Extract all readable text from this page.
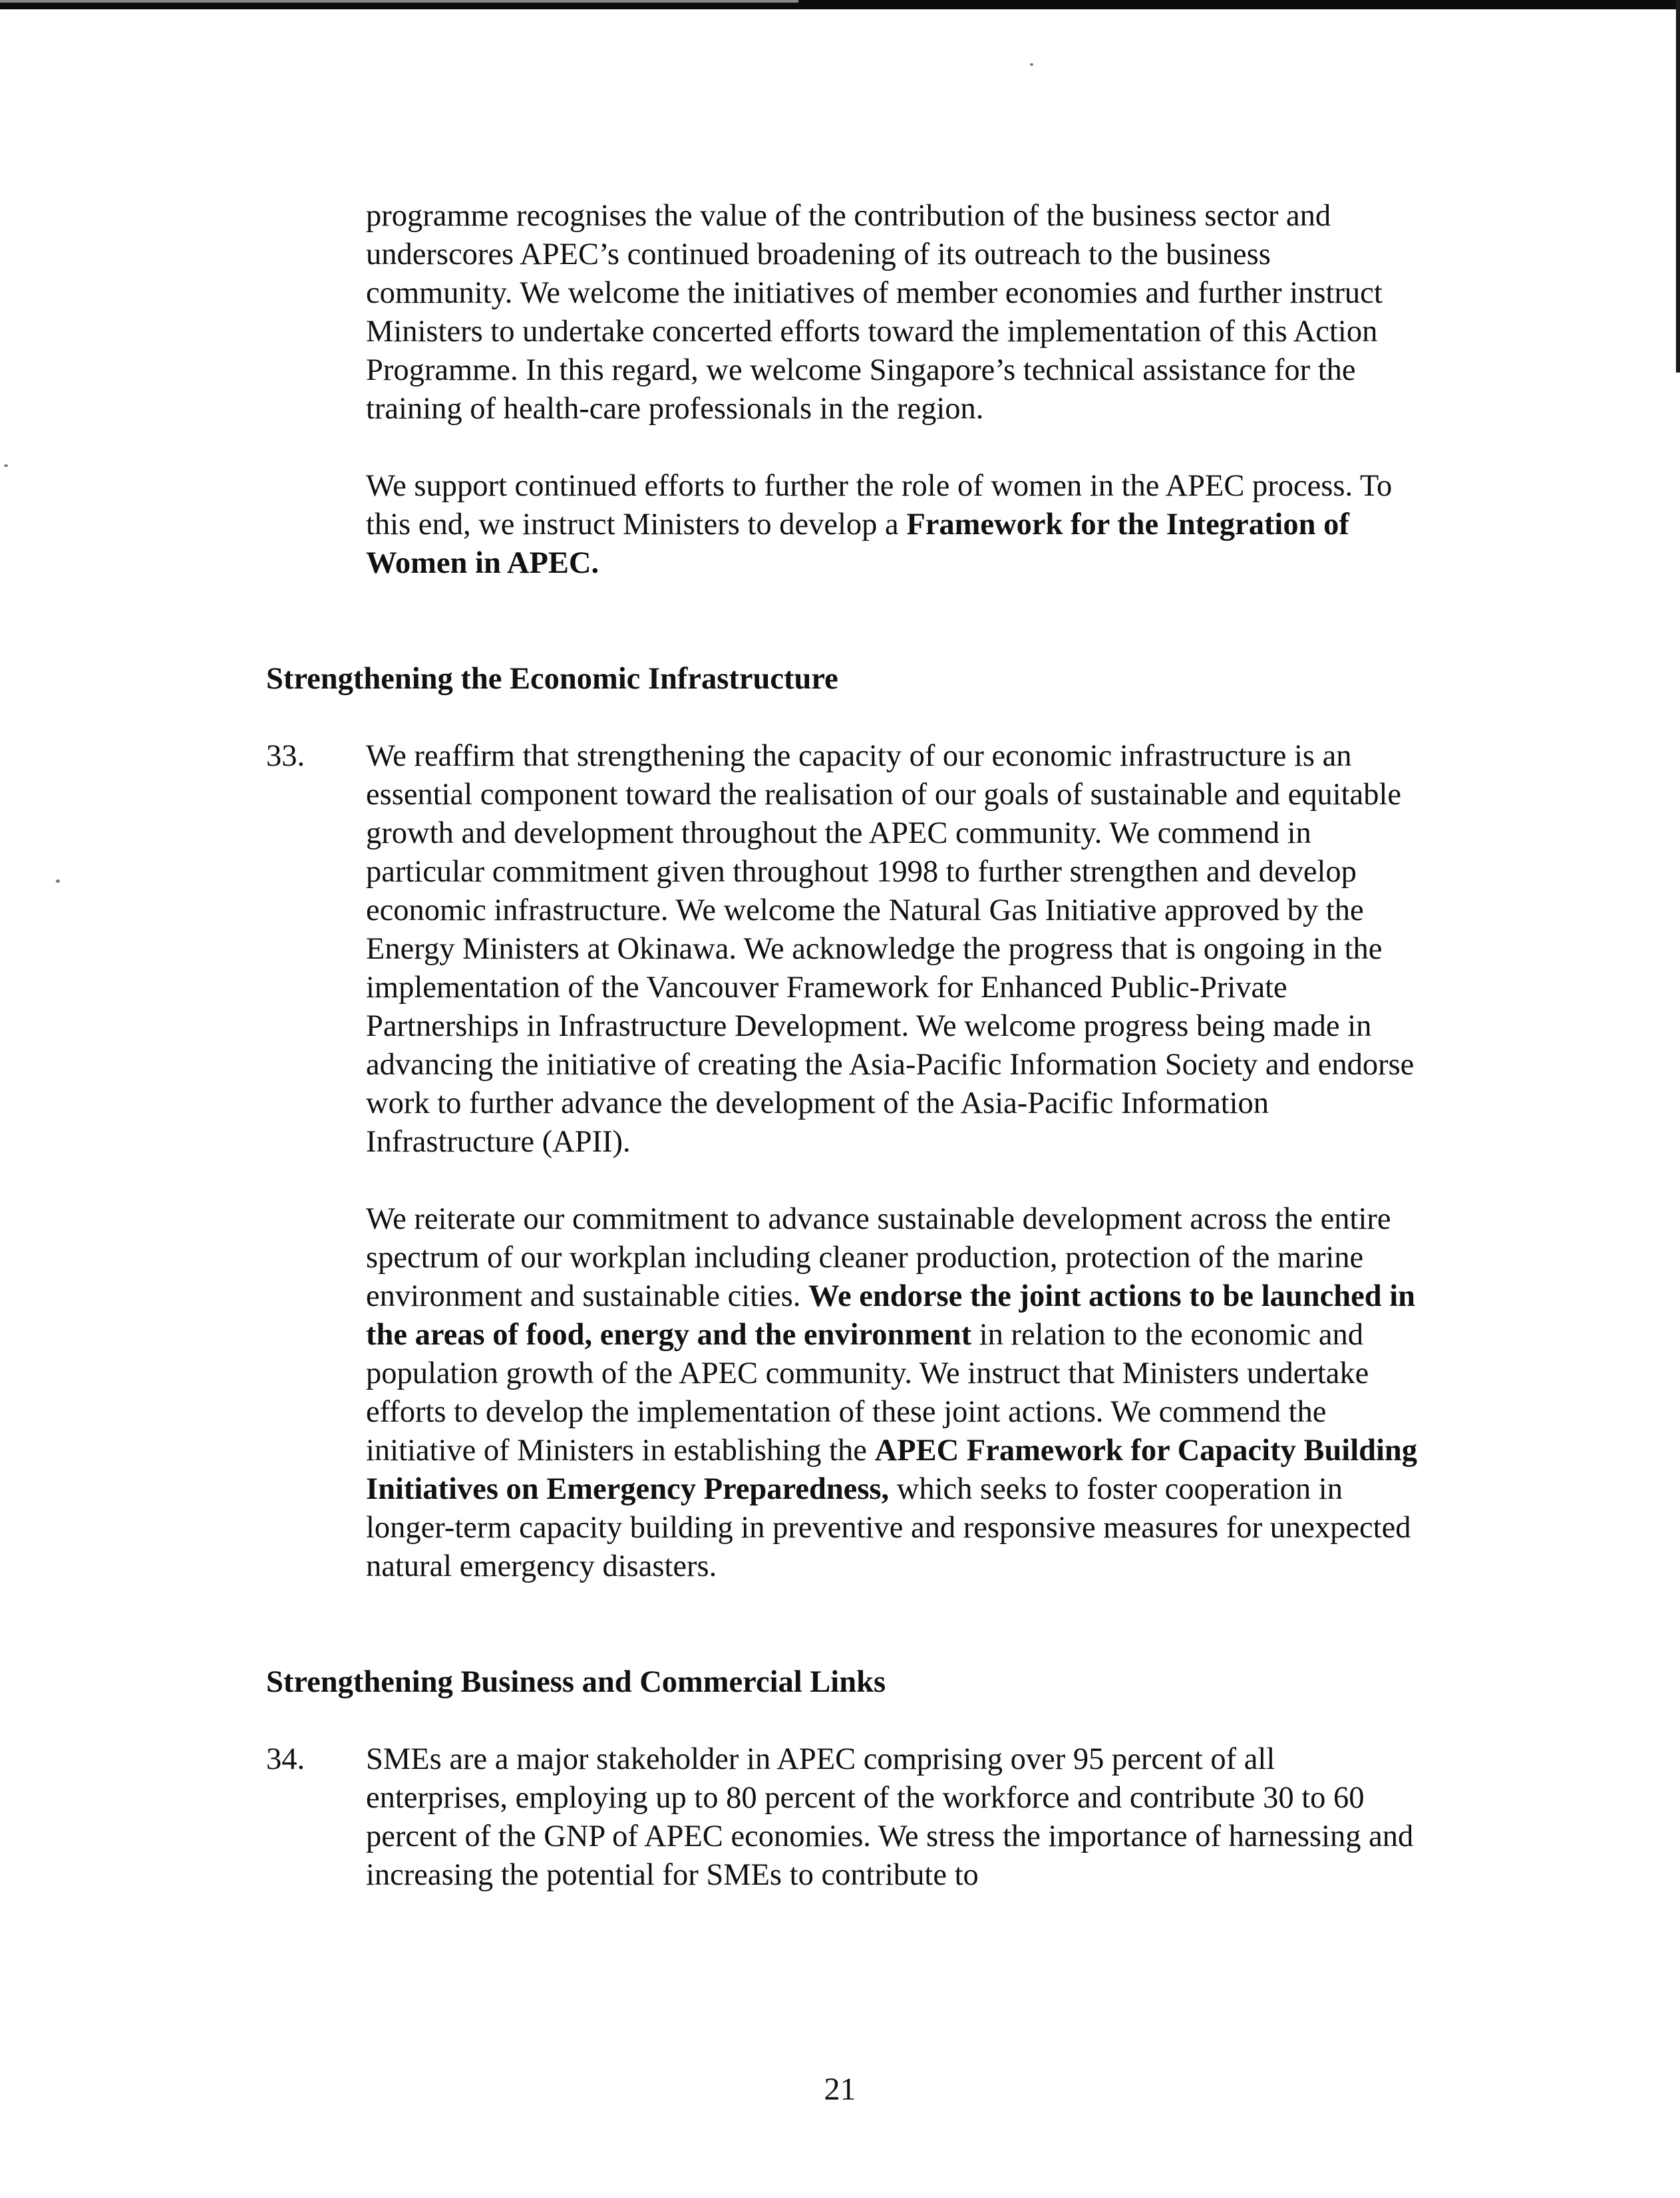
programme recognises the value of the contribution of the business sector and underscores APEC’s continued broadening of its outreach to the business community. We welcome the initiatives of member economies and further instruct Ministers to undertake concerted efforts toward the implementation of this Action Programme. In this regard, we welcome Singapore’s technical assistance for the training of health-care professionals in the region.

We support continued efforts to further the role of women in the APEC process. To this end, we instruct Ministers to develop a Framework for the Integration of Women in APEC.

Strengthening the Economic Infrastructure
33.	We reaffirm that strengthening the capacity of our economic infrastructure is an essential component toward the realisation of our goals of sustainable and equitable growth and development throughout the APEC community. We commend in particular commitment given throughout 1998 to further strengthen and develop economic infrastructure. We welcome the Natural Gas Initiative approved by the Energy Ministers at Okinawa. We acknowledge the progress that is ongoing in the implementation of the Vancouver Framework for Enhanced Public-Private Partnerships in Infrastructure Development. We welcome progress being made in advancing the initiative of creating the Asia-Pacific Information Society and endorse work to further advance the development of the Asia-Pacific Information Infrastructure (APII).

We reiterate our commitment to advance sustainable development across the entire spectrum of our workplan including cleaner production, protection of the marine environment and sustainable cities. We endorse the joint actions to be launched in the areas of food, energy and the environment in relation to the economic and population growth of the APEC community. We instruct that Ministers undertake efforts to develop the implementation of these joint actions. We commend the initiative of Ministers in establishing the APEC Framework for Capacity Building Initiatives on Emergency Preparedness, which seeks to foster cooperation in longer-term capacity building in preventive and responsive measures for unexpected natural emergency disasters.

Strengthening Business and Commercial Links
34.	SMEs are a major stakeholder in APEC comprising over 95 percent of all enterprises, employing up to 80 percent of the workforce and contribute 30 to 60 percent of the GNP of APEC economies. We stress the importance of harnessing and increasing the potential for SMEs to contribute to

21
